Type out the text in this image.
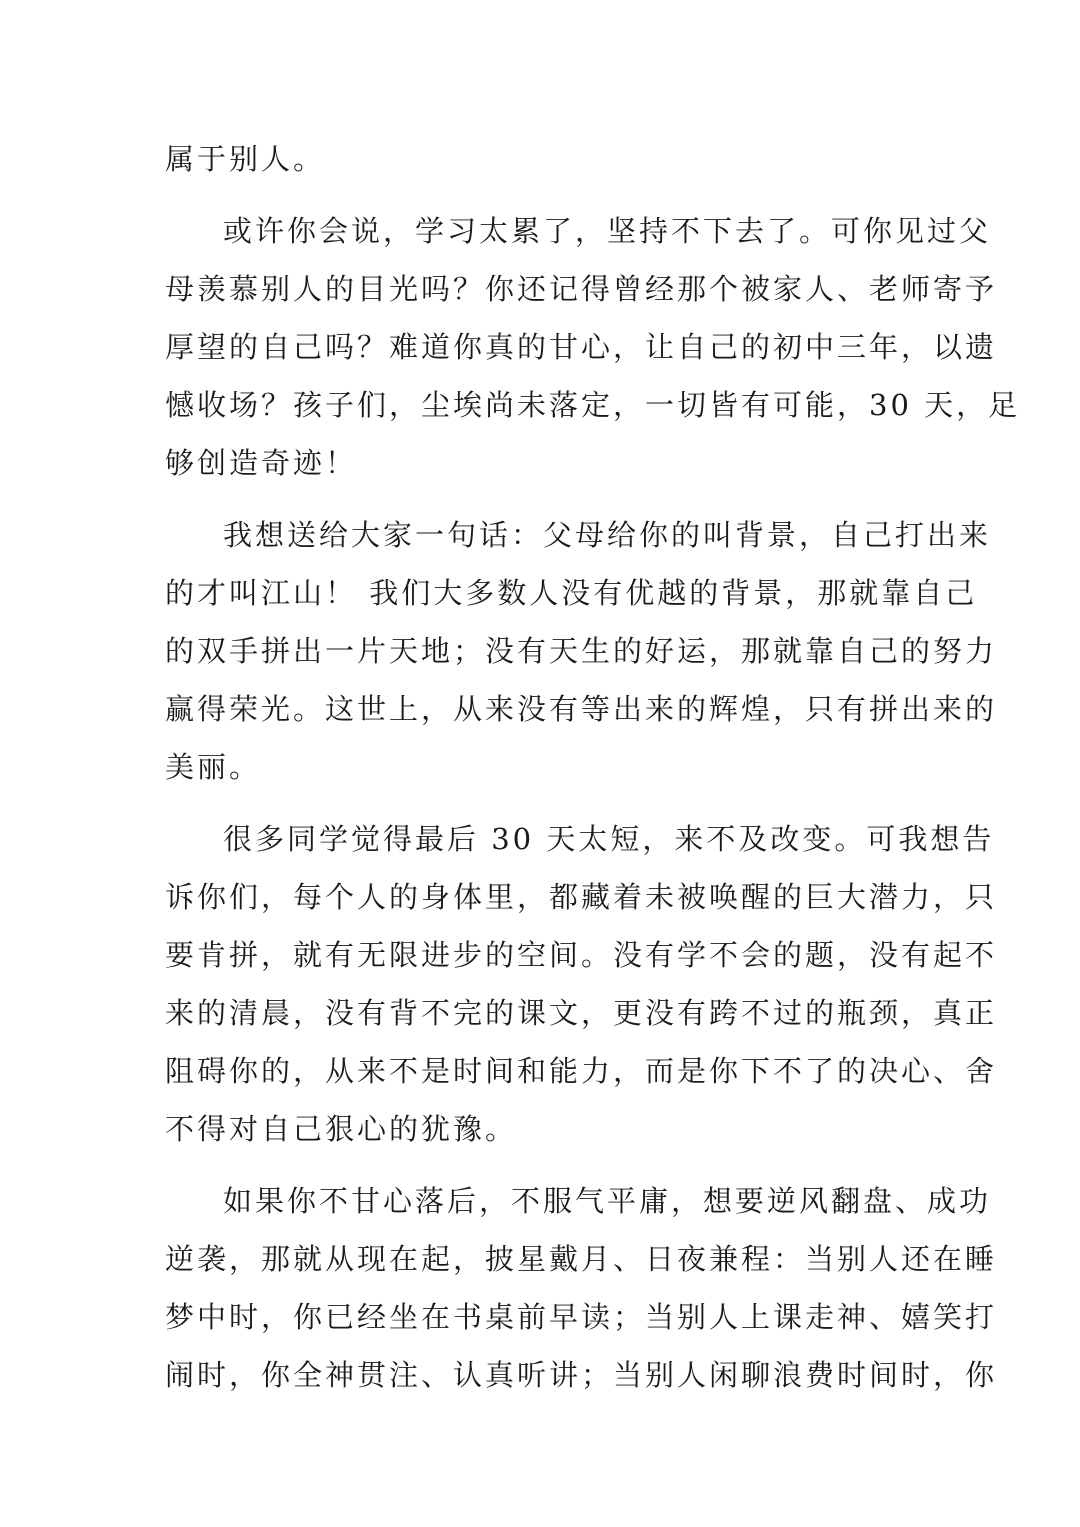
属于别人。
或许你会说，学习太累了，坚持不下去了。可你见过父
母羡慕别人的目光吗？你还记得曾经那个被家人、老师寄予
厚望的自己吗？难道你真的甘心，让自己的初中三年，以遗
憾收场？孩子们，尘埃尚未落定，一切皆有可能，30 天，足
够创造奇迹！
我想送给大家一句话：父母给你的叫背景，自己打出来
的才叫江山！ 我们大多数人没有优越的背景，那就靠自己
的双手拼出一片天地；没有天生的好运，那就靠自己的努力
赢得荣光。这世上，从来没有等出来的辉煌，只有拼出来的
美丽。
很多同学觉得最后 30 天太短，来不及改变。可我想告
诉你们，每个人的身体里，都藏着未被唤醒的巨大潜力，只
要肯拼，就有无限进步的空间。没有学不会的题，没有起不
来的清晨，没有背不完的课文，更没有跨不过的瓶颈，真正
阻碍你的，从来不是时间和能力，而是你下不了的决心、舍
不得对自己狠心的犹豫。
如果你不甘心落后，不服气平庸，想要逆风翻盘、成功
逆袭，那就从现在起，披星戴月、日夜兼程：当别人还在睡
梦中时，你已经坐在书桌前早读；当别人上课走神、嬉笑打
闹时，你全神贯注、认真听讲；当别人闲聊浪费时间时，你
